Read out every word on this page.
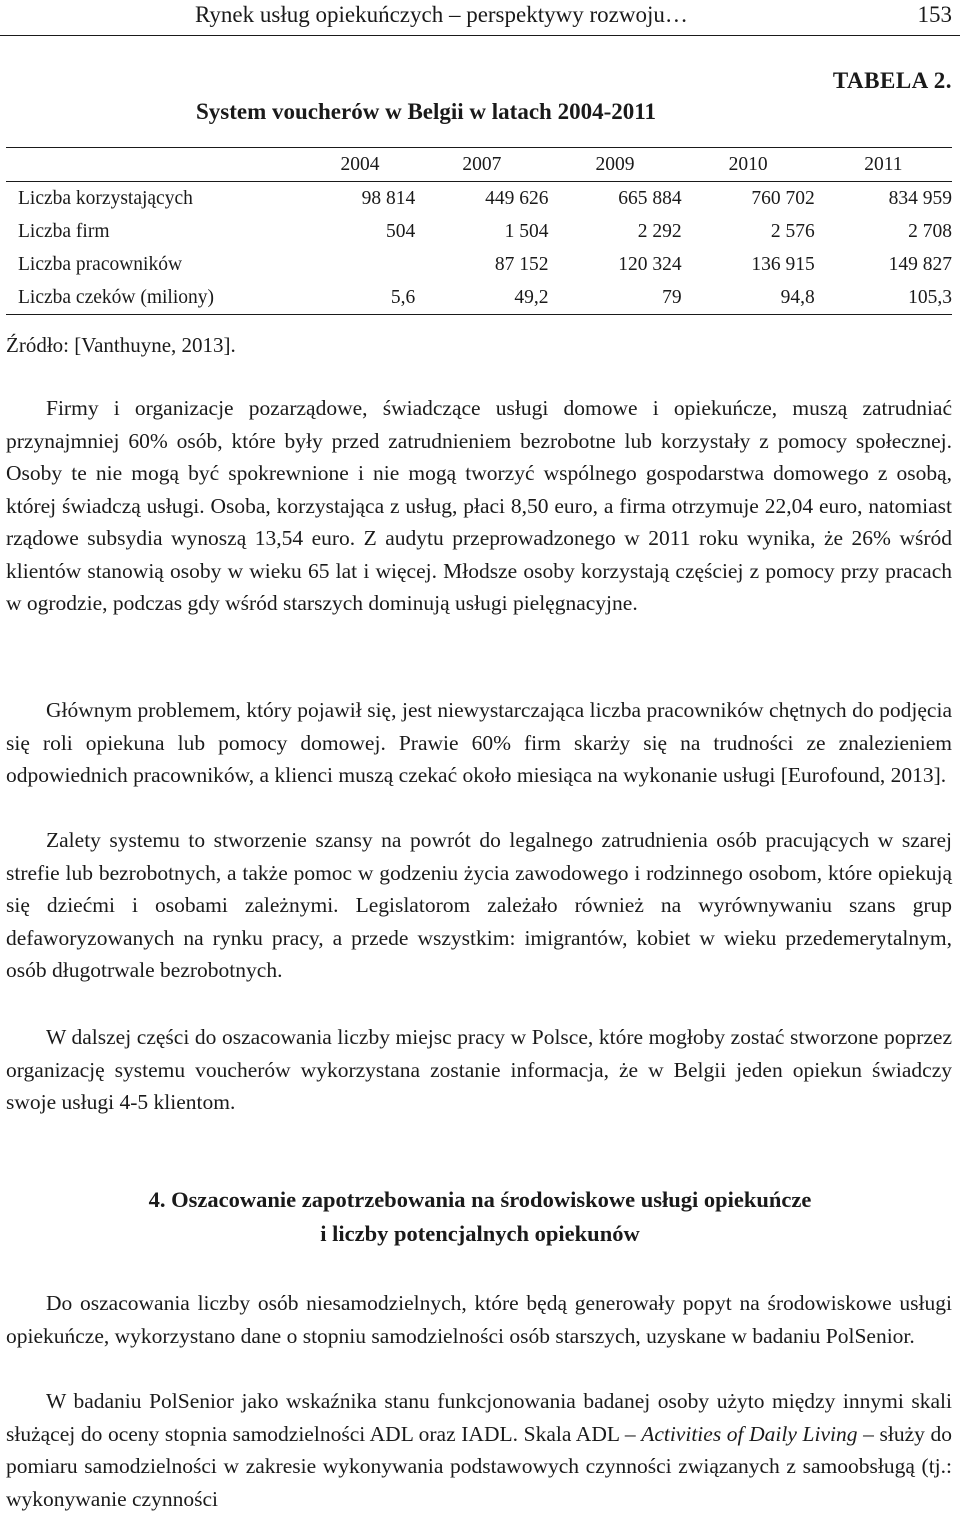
Rynek usług opiekuńczych – perspektywy rozwoju…	153
TABELA 2.
System voucherów w Belgii w latach 2004-2011
	2004	2007	2009	2010	2011
Liczba korzystających	98 814	449 626	665 884	760 702	834 959
Liczba firm	504	1 504	2 292	2 576	2 708
Liczba pracowników		87 152	120 324	136 915	149 827
Liczba czeków (miliony)	5,6	49,2	79	94,8	105,3
Źródło: [Vanthuyne, 2013].

Firmy i organizacje pozarządowe, świadczące usługi domowe i opiekuńcze, muszą zatrudniać przynajmniej 60% osób, które były przed zatrudnieniem bezrobotne lub korzystały z pomocy społecznej. Osoby te nie mogą być spokrewnione i nie mogą tworzyć wspólnego gospodarstwa domowego z osobą, której świadczą usługi. Osoba, korzystająca z usług, płaci 8,50 euro, a firma otrzymuje 22,04 euro, natomiast rządowe subsydia wynoszą 13,54 euro. Z audytu przeprowadzonego w 2011 roku wynika, że 26% wśród klientów stanowią osoby w wieku 65 lat i więcej. Młodsze osoby korzystają częściej z pomocy przy pracach w ogrodzie, podczas gdy wśród starszych dominują usługi pielęgnacyjne.

Głównym problemem, który pojawił się, jest niewystarczająca liczba pracowników chętnych do podjęcia się roli opiekuna lub pomocy domowej. Prawie 60% firm skarży się na trudności ze znalezieniem odpowiednich pracowników, a klienci muszą czekać około miesiąca na wykonanie usługi [Eurofound, 2013].

Zalety systemu to stworzenie szansy na powrót do legalnego zatrudnienia osób pracujących w szarej strefie lub bezrobotnych, a także pomoc w godzeniu życia zawodowego i rodzinnego osobom, które opiekują się dziećmi i osobami zależnymi. Legislatorom zależało również na wyrównywaniu szans grup defaworyzowanych na rynku pracy, a przede wszystkim: imigrantów, kobiet w wieku przedemerytalnym, osób długotrwale bezrobotnych.

W dalszej części do oszacowania liczby miejsc pracy w Polsce, które mogłoby zostać stworzone poprzez organizację systemu voucherów wykorzystana zostanie informacja, że w Belgii jeden opiekun świadczy swoje usługi 4-5 klientom.

4. Oszacowanie zapotrzebowania na środowiskowe usługi opiekuńcze
i liczby potencjalnych opiekunów

Do oszacowania liczby osób niesamodzielnych, które będą generowały popyt na środowiskowe usługi opiekuńcze, wykorzystano dane o stopniu samodzielności osób starszych, uzyskane w badaniu PolSenior.

W badaniu PolSenior jako wskaźnika stanu funkcjonowania badanej osoby użyto między innymi skali służącej do oceny stopnia samodzielności ADL oraz IADL. Skala ADL – Activities of Daily Living – służy do pomiaru samodzielności w zakresie wykonywania podstawowych czynności związanych z samoobsługą (tj.: wykonywanie czynności
